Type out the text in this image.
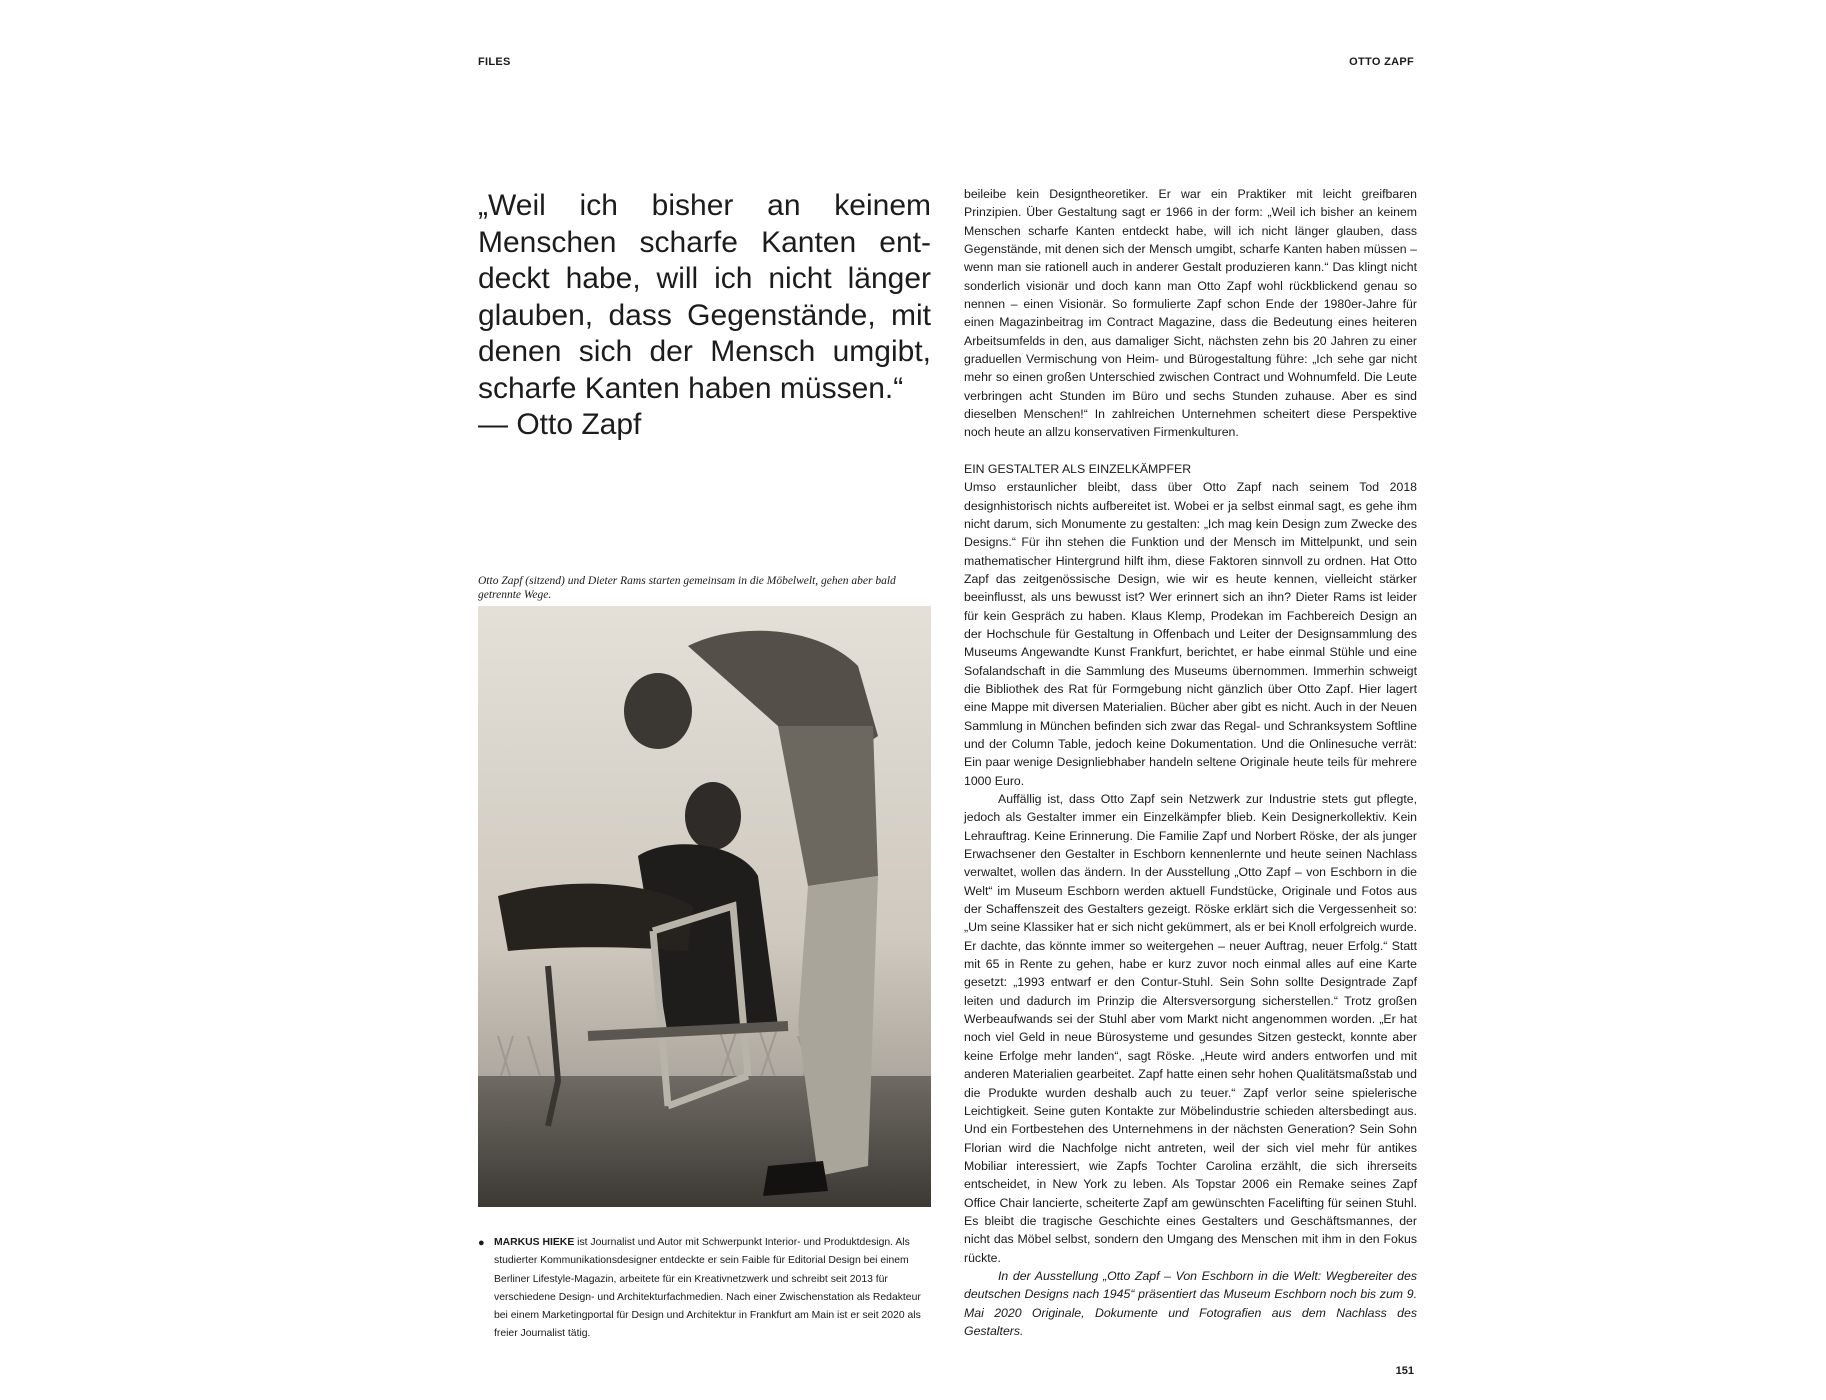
FILES	OTTO ZAPF
„Weil ich bisher an keinem Menschen scharfe Kanten entdeckt habe, will ich nicht länger glauben, dass Gegenstände, mit denen sich der Mensch umgibt, scharfe Kanten haben müssen.“
— Otto Zapf
Otto Zapf (sitzend) und Dieter Rams starten gemeinsam in die Möbelwelt, gehen aber bald getrennte Wege.
● MARKUS HIEKE ist Journalist und Autor mit Schwerpunkt Interior- und Produktdesign. Als studierter Kommunikationsdesigner entdeckte er sein Faible für Editorial Design bei einem Berliner Lifestyle-Magazin, arbeitete für ein Kreativnetzwerk und schreibt seit 2013 für verschiedene Design- und Architekturfachmedien. Nach einer Zwischenstation als Redakteur bei einem Marketingportal für Design und Architektur in Frankfurt am Main ist er seit 2020 als freier Journalist tätig.

beileibe kein Designtheoretiker. Er war ein Praktiker mit leicht greifbaren Prinzipien. Über Gestaltung sagt er 1966 in der form: „Weil ich bisher an keinem Menschen scharfe Kanten entdeckt habe, will ich nicht länger glauben, dass Gegenstände, mit denen sich der Mensch umgibt, scharfe Kanten haben müssen – wenn man sie rationell auch in anderer Gestalt produzieren kann.“ Das klingt nicht sonderlich visionär und doch kann man Otto Zapf wohl rückblickend genau so nennen – einen Visionär. So formulierte Zapf schon Ende der 1980er-Jahre für einen Magazinbeitrag im Contract Magazine, dass die Bedeutung eines heiteren Arbeitsumfelds in den, aus damaliger Sicht, nächsten zehn bis 20 Jahren zu einer graduellen Vermischung von Heim- und Bürogestaltung führe: „Ich sehe gar nicht mehr so einen großen Unterschied zwischen Contract und Wohnumfeld. Die Leute verbringen acht Stunden im Büro und sechs Stunden zuhause. Aber es sind dieselben Menschen!“ In zahlreichen Unternehmen scheitert diese Perspektive noch heute an allzu konservativen Firmenkulturen.

EIN GESTALTER ALS EINZELKÄMPFER

Umso erstaunlicher bleibt, dass über Otto Zapf nach seinem Tod 2018 designhistorisch nichts aufbereitet ist. Wobei er ja selbst einmal sagt, es gehe ihm nicht darum, sich Monumente zu gestalten: „Ich mag kein Design zum Zwecke des Designs.“ Für ihn stehen die Funktion und der Mensch im Mittelpunkt, und sein mathematischer Hintergrund hilft ihm, diese Faktoren sinnvoll zu ordnen. Hat Otto Zapf das zeitgenössische Design, wie wir es heute kennen, vielleicht stärker beeinflusst, als uns bewusst ist? Wer erinnert sich an ihn? Dieter Rams ist leider für kein Gespräch zu haben. Klaus Klemp, Prodekan im Fachbereich Design an der Hochschule für Gestaltung in Offenbach und Leiter der Designsammlung des Museums Angewandte Kunst Frankfurt, berichtet, er habe einmal Stühle und eine Sofalandschaft in die Sammlung des Museums übernommen. Immerhin schweigt die Bibliothek des Rat für Formgebung nicht gänzlich über Otto Zapf. Hier lagert eine Mappe mit diversen Materialien. Bücher aber gibt es nicht. Auch in der Neuen Sammlung in München befinden sich zwar das Regal- und Schranksystem Softline und der Column Table, jedoch keine Dokumentation. Und die Onlinesuche verrät: Ein paar wenige Designliebhaber handeln seltene Originale heute teils für mehrere 1000 Euro.

Auffällig ist, dass Otto Zapf sein Netzwerk zur Industrie stets gut pflegte, jedoch als Gestalter immer ein Einzelkämpfer blieb. Kein Designerkollektiv. Kein Lehrauftrag. Keine Erinnerung. Die Familie Zapf und Norbert Röske, der als junger Erwachsener den Gestalter in Eschborn kennenlernte und heute seinen Nachlass verwaltet, wollen das ändern. In der Ausstellung „Otto Zapf – von Eschborn in die Welt“ im Museum Eschborn werden aktuell Fundstücke, Originale und Fotos aus der Schaffenszeit des Gestalters gezeigt. Röske erklärt sich die Vergessenheit so: „Um seine Klassiker hat er sich nicht gekümmert, als er bei Knoll erfolgreich wurde. Er dachte, das könnte immer so weitergehen – neuer Auftrag, neuer Erfolg.“ Statt mit 65 in Rente zu gehen, habe er kurz zuvor noch einmal alles auf eine Karte gesetzt: „1993 entwarf er den Contur-Stuhl. Sein Sohn sollte Designtrade Zapf leiten und dadurch im Prinzip die Altersversorgung sicherstellen.“ Trotz großen Werbeaufwands sei der Stuhl aber vom Markt nicht angenommen worden. „Er hat noch viel Geld in neue Bürosysteme und gesundes Sitzen gesteckt, konnte aber keine Erfolge mehr landen“, sagt Röske. „Heute wird anders entworfen und mit anderen Materialien gearbeitet. Zapf hatte einen sehr hohen Qualitätsmaßstab und die Produkte wurden deshalb auch zu teuer.“ Zapf verlor seine spielerische Leichtigkeit. Seine guten Kontakte zur Möbelindustrie schieden altersbedingt aus. Und ein Fortbestehen des Unternehmens in der nächsten Generation? Sein Sohn Florian wird die Nachfolge nicht antreten, weil der sich viel mehr für antikes Mobiliar interessiert, wie Zapfs Tochter Carolina erzählt, die sich ihrerseits entscheidet, in New York zu leben. Als Topstar 2006 ein Remake seines Zapf Office Chair lancierte, scheiterte Zapf am gewünschten Facelifting für seinen Stuhl. Es bleibt die tragische Geschichte eines Gestalters und Geschäftsmannes, der nicht das Möbel selbst, sondern den Umgang des Menschen mit ihm in den Fokus rückte.

In der Ausstellung „Otto Zapf – Von Eschborn in die Welt: Wegbereiter des deutschen Designs nach 1945“ präsentiert das Museum Eschborn noch bis zum 9. Mai 2020 Originale, Dokumente und Fotografien aus dem Nachlass des Gestalters.

151
